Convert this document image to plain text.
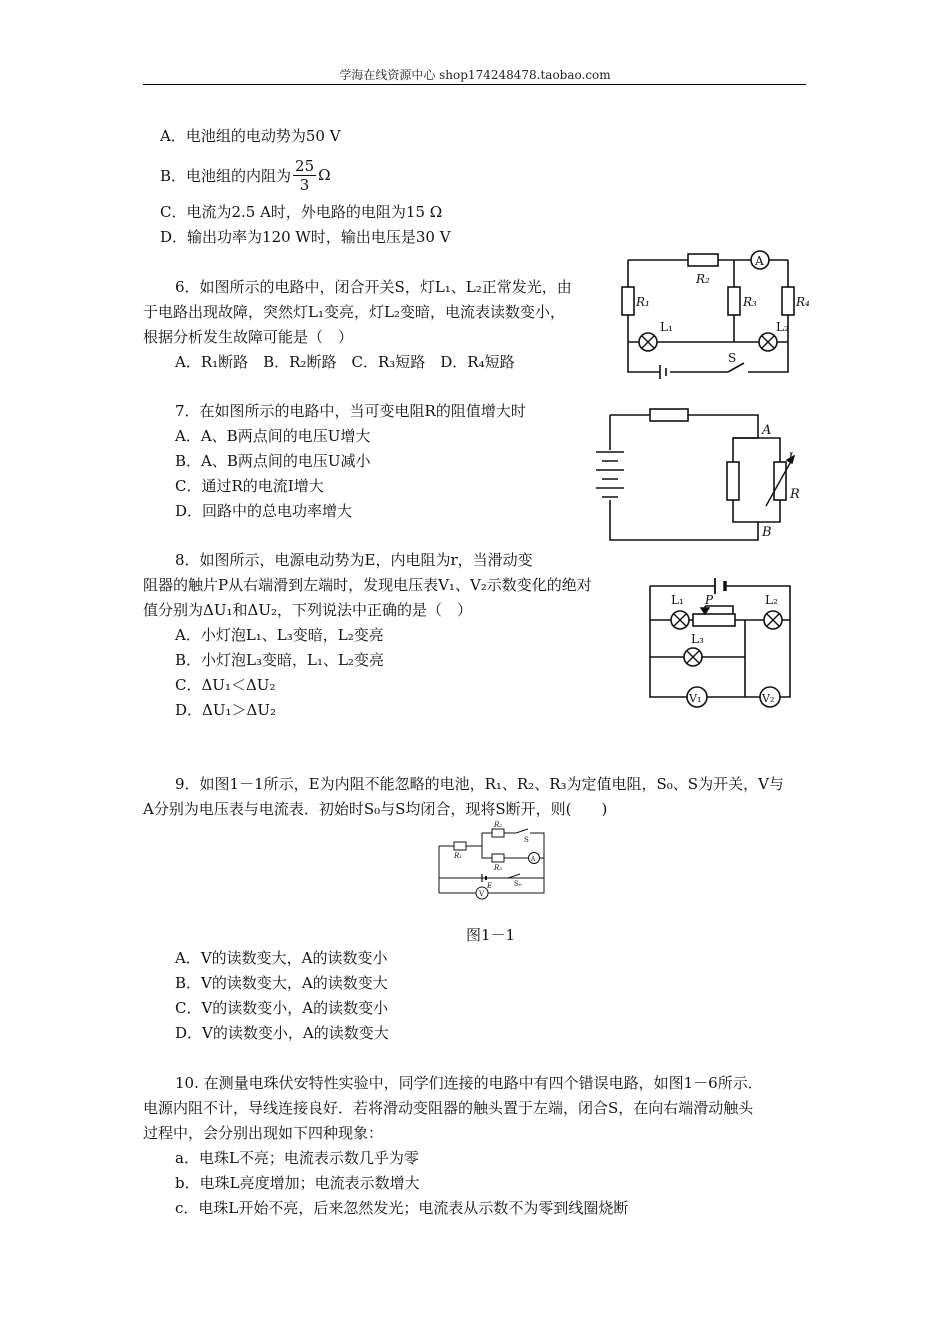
学海在线资源中心 shop174248478.taobao.com
A．电池组的电动势为50 V
B．电池组的内阻为 $\frac{25}{3}$ Ω
C．电流为2.5 A时，外电路的电阻为15 Ω
D．输出功率为120 W时，输出电压是30 V
6．如图所示的电路中，闭合开关S，灯L₁、L₂正常发光，由
于电路出现故障，突然灯L₁变亮，灯L₂变暗，电流表读数变小，
根据分析发生故障可能是（　）
A．R₁断路　B．R₂断路　C．R₃短路　D．R₄短路
A
R₁
R₂
R₃	R₄
L₁	L₂
S
7．在如图所示的电路中，当可变电阻R的阻值增大时
A．A、B两点间的电压U增大
B．A、B两点间的电压U减小
C．通过R的电流I增大
D．回路中的总电功率增大
A
B
I
R
8．如图所示，电源电动势为E，内电阻为r，当滑动变
阻器的触片P从右端滑到左端时，发现电压表V₁、V₂示数变化的绝对
值分别为ΔU₁和ΔU₂，下列说法中正确的是（　）
A．小灯泡L₁、L₃变暗，L₂变亮
B．小灯泡L₃变暗，L₁、L₂变亮
C．ΔU₁＜ΔU₂
D．ΔU₁＞ΔU₂
L₁	L₂
L₃
P
V₁	V₂
9．如图1－1所示，E为内阻不能忽略的电池，R₁、R₂、R₃为定值电阻，S₀、S为开关，V与
A分别为电压表与电流表．初始时S₀与S均闭合，现将S断开，则(　　)
R₁
R₂
R₃
S
S₀
E
A
V
图1－1
A．V的读数变大，A的读数变小
B．V的读数变大，A的读数变大
C．V的读数变小，A的读数变小
D．V的读数变小，A的读数变大
10. 在测量电珠伏安特性实验中，同学们连接的电路中有四个错误电路，如图1－6所示．
电源内阻不计，导线连接良好．若将滑动变阻器的触头置于左端，闭合S，在向右端滑动触头
过程中，会分别出现如下四种现象：
a．电珠L不亮；电流表示数几乎为零
b．电珠L亮度增加；电流表示数增大
c．电珠L开始不亮，后来忽然发光；电流表从示数不为零到线圈烧断
